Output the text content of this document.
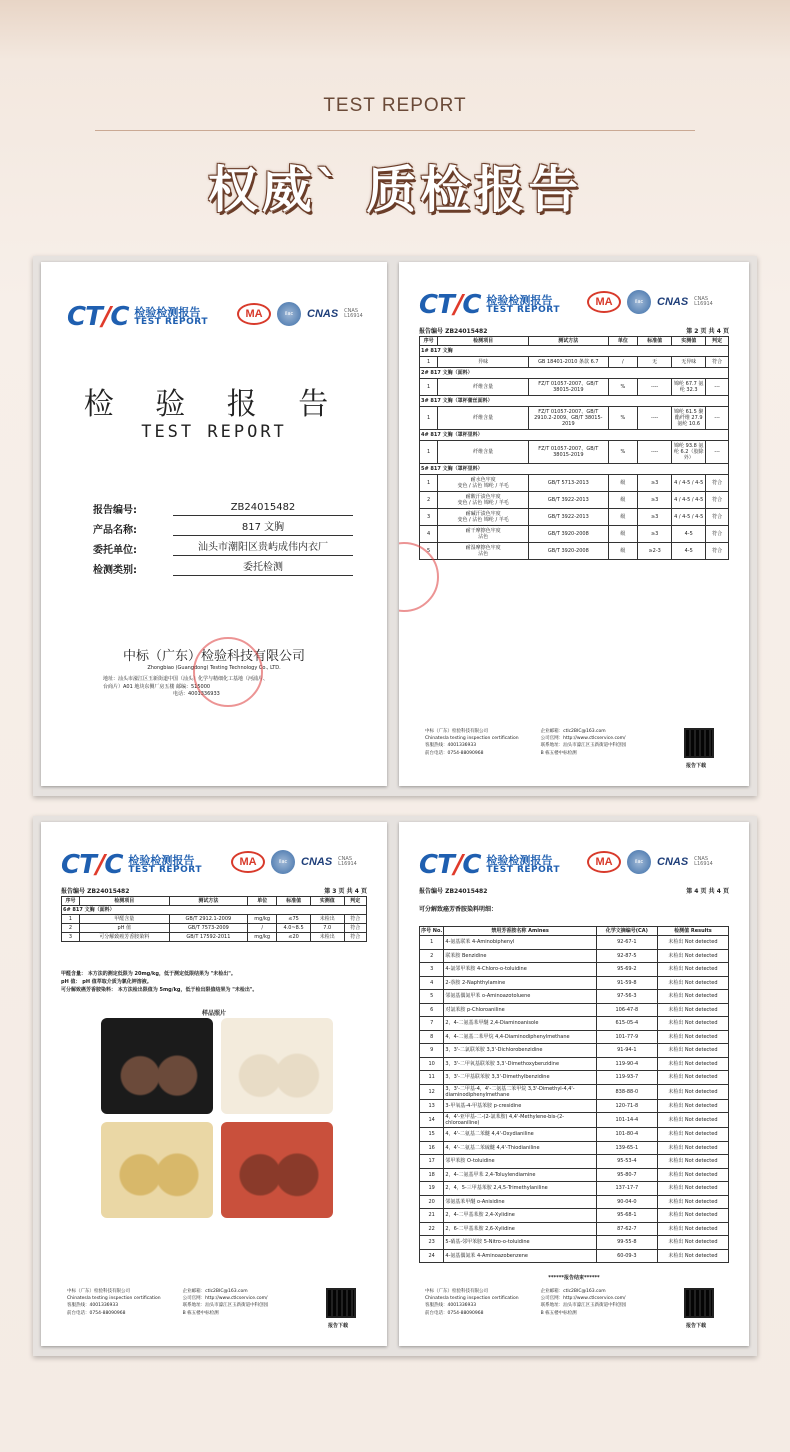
TEST REPORT
权威` 质检报告
CT/C 检验检测报告
TEST REPORT
MA	ilac	CNAS CNAS L16914
检 验 报 告
TEST REPORT
报告编号:	ZB24015482
产品名称:	817 文胸
委托单位:	汕头市潮阳区贵屿成伟内衣厂
检测类别:	委托检测
中标（广东）检验科技有限公司
Zhongbiao (Guangdong) Testing Technology Co., LTD.
地址：汕头市濠江区玉新街道中国（汕头）化学与精细化工基地（河浦片、
台商片）A01 地块东侧厂房五楼 邮编：515000
电话：4001336933
CT/C 检验检测报告
TEST REPORT
MA	ilac	CNAS CNAS L16914
报告编号 ZB24015482	第 2 页 共 4 页
序号	检测项目	测试方法	单位	标准值	实测值	判定
1# 817 文胸						
1	异味	GB 18401-2010 条款 6.7	/	无	无异味	符合
2# 817 文胸（面料）						
1	纤维含量	FZ/T 01057-2007、GB/T 38015-2019	%	----	锦纶 67.7 氨纶 32.3	---
3# 817 文胸（罩杯蕾丝面料）						
1	纤维含量	FZ/T 01057-2007、GB/T 2910.2-2009、GB/T 38015-2019	%	----	锦纶 61.5 聚酯纤维 27.9 氨纶 10.6	---
4# 817 文胸（罩杯里料）						
1	纤维含量	FZ/T 01057-2007、GB/T 38015-2019	%	----	锦纶 93.8 氨纶 6.2（胶除外）	---
5# 817 文胸（罩杯里料）						
1	耐水色牢度
变色 / 沾色 锦纶 / 羊毛	GB/T 5713-2013	级	≥3	4 / 4-5 / 4-5	符合
2	耐酸汗渍色牢度
变色 / 沾色 锦纶 / 羊毛	GB/T 3922-2013	级	≥3	4 / 4-5 / 4-5	符合
3	耐碱汗渍色牢度
变色 / 沾色 锦纶 / 羊毛	GB/T 3922-2013	级	≥3	4 / 4-5 / 4-5	符合
4	耐干摩擦色牢度
沾色	GB/T 3920-2008	级	≥3	4-5	符合
5	耐湿摩擦色牢度
沾色	GB/T 3920-2008	级	≥2-3	4-5	符合
中标（广东）检验科技有限公司
Chinatesla testing inspection certification
客服热线：4001336933
前台电话：0754-88090968
企业邮箱：ctlc2BIC@163.com
公司官网：http://www.ctlcservice.com/
联系地址：汕头市濠江区玉新街道中科创园
B 栋五楼中标检测
报告下载
CT/C 检验检测报告
TEST REPORT
MA	ilac	CNAS CNAS L16914
报告编号 ZB24015482	第 3 页 共 4 页
序号	检测项目	测试方法	单位	标准值	实测值	判定
6# 817 文胸（面料）						
1	甲醛含量	GB/T 2912.1-2009	mg/kg	≤75	未检出	符合
2	pH 值	GB/T 7573-2009	/	4.0~8.5	7.0	符合
3	可分解致癌芳香胺染料	GB/T 17592-2011	mg/kg	≤20	未检出	符合
甲醛含量： 本方法的测定低限为 20mg/kg，低于测定低限结果为 "未检出"。
pH 值： pH 值萃取介质为氯化钾溶液。
可分解致癌芳香胺染料： 本方法检出限值为 5mg/kg，低于检出限值结果为 "未检出"。
样品照片
中标（广东）检验科技有限公司
Chinatesla testing inspection certification
客服热线：4001336933
前台电话：0754-88090968
企业邮箱：ctlc2BIC@163.com
公司官网：http://www.ctlcservice.com/
联系地址：汕头市濠江区玉新街道中科创园
B 栋五楼中标检测
报告下载
CT/C 检验检测报告
TEST REPORT
MA	ilac	CNAS CNAS L16914
报告编号 ZB24015482	第 4 页 共 4 页
可分解致癌芳香胺染料明细：
序号 No.	禁用芳香胺名称 Amines	化学文摘编号(CA)	检测值 Results
1	4-氨基联苯 4-Aminobiphenyl	92-67-1	未检出 Not detected
2	联苯胺 Benzidine	92-87-5	未检出 Not detected
3	4-氯邻甲苯胺 4-Chloro-o-toluidine	95-69-2	未检出 Not detected
4	2-萘胺 2-Naphthylamine	91-59-8	未检出 Not detected
5	邻氨基偶氮甲苯 o-Aminoazotoluene	97-56-3	未检出 Not detected
6	对氯苯胺 p-Chloroaniline	106-47-8	未检出 Not detected
7	2，4-二氨基苯甲醚 2,4-Diaminoanisole	615-05-4	未检出 Not detected
8	4，4-二氨基二苯甲烷 4,4-Diaminodiphenylmethane	101-77-9	未检出 Not detected
9	3，3'-二氯联苯胺 3,3'-Dichlorobenzidine	91-94-1	未检出 Not detected
10	3，3'-二甲氧基联苯胺 3,3'-Dimethoxybenzidine	119-90-4	未检出 Not detected
11	3，3'-二甲基联苯胺 3,3'-Dimethylbenzidine	119-93-7	未检出 Not detected
12	3，3'-二甲基-4，4'-二氨基二苯甲烷 3,3'-Dimethyl-4,4'-diaminodiphenylmethane	838-88-0	未检出 Not detected
13	3-甲氧基-4-甲基苯胺 p-cresidine	120-71-8	未检出 Not detected
14	4，4'-亚甲基-二-(2-氯苯胺) 4,4'-Methylene-bis-(2-chloroaniline)	101-14-4	未检出 Not detected
15	4，4'-二氨基二苯醚 4,4'-Oxydianiline	101-80-4	未检出 Not detected
16	4，4'-二氨基二苯硫醚 4,4'-Thiodianiline	139-65-1	未检出 Not detected
17	邻甲苯胺 O-toluidine	95-53-4	未检出 Not detected
18	2，4-二氨基甲苯 2,4-Toluylendiamine	95-80-7	未检出 Not detected
19	2，4，5-三甲基苯胺 2,4,5-Trimethylaniline	137-17-7	未检出 Not detected
20	邻氨基苯甲醚 o-Anisidine	90-04-0	未检出 Not detected
21	2，4-二甲基苯胺 2,4-Xylidine	95-68-1	未检出 Not detected
22	2，6-二甲基苯胺 2,6-Xylidine	87-62-7	未检出 Not detected
23	5-硝基-邻甲苯胺 5-Nitro-o-toluidine	99-55-8	未检出 Not detected
24	4-氨基偶氮苯 4-Aminoazobenzene	60-09-3	未检出 Not detected
******报告结束******
中标（广东）检验科技有限公司
Chinatesla testing inspection certification
客服热线：4001336933
前台电话：0754-88090968
企业邮箱：ctlc2BIC@163.com
公司官网：http://www.ctlcservice.com/
联系地址：汕头市濠江区玉新街道中科创园
B 栋五楼中标检测
报告下载
